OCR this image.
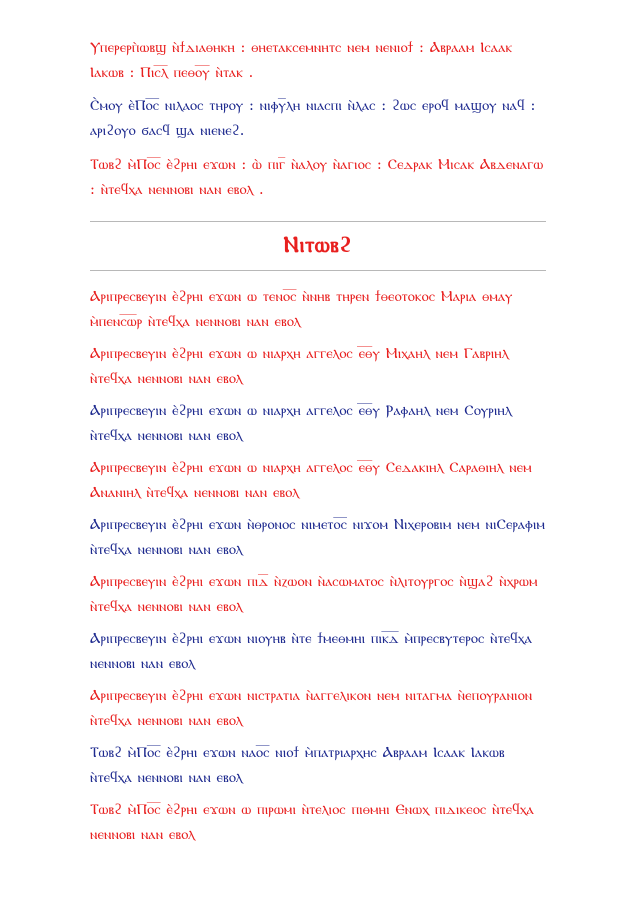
Ⲩⲡⲉⲣⲉⲣⲡ̀ⲱⲃϣ ⲛ̀ϯⲇⲓⲁⲑⲏⲕⲏ : ⲑⲏⲉⲧⲁⲕⲥⲉⲙⲛⲏⲧⲥ ⲛⲉⲙ ⲛⲉⲛⲓⲟϯ : Ⲁⲃⲣⲁⲁⲙ Ⲓⲥⲁⲁⲕ Ⲓⲁⲕⲱⲃ : Ⲡⲓⲥ̅ⲗ̅ ⲡⲉⲑⲟ̅ⲩ̅ ⲛ̀ⲧⲁⲕ .

Ⲥ̀ⲙⲟⲩ ⲉ̀Ⲡⲟ̅ⲥ̅ ⲛⲓⲗⲁⲟⲥ ⲧⲏⲣⲟⲩ : ⲛⲓⲫⲩ̅ⲗⲏ ⲛⲓⲁⲥⲡⲓ ⲛ̀ⲗⲁⲥ : ϩⲱⲥ ⲉⲣⲟϥ ⲙⲁϣⲟⲩ ⲛⲁϥ : ⲁⲣⲓϩⲟⲩⲟ ϭⲁⲥϥ ϣⲁ ⲛⲓⲉⲛⲉϩ.

Ⲧⲱⲃϩ ⲙ̀Ⲡⲟ̅ⲥ̅ ⲉ̀ϩⲣⲏⲓ ⲉϫⲱⲛ : ⲱ̀ ⲡⲓⲅ̅ ⲛ̀ⲁⲗⲟⲩ ⲛ̀ⲁⲅⲓⲟⲥ : Ⲥⲉⲇⲣⲁⲕ Ⲙⲓⲥⲁⲕ Ⲁⲃⲇⲉⲛⲁⲅⲱ : ⲛ̀ⲧⲉϥⲭⲁ ⲛⲉⲛⲛⲟⲃⲓ ⲛⲁⲛ ⲉⲃⲟⲗ .

Ⲛⲓⲧⲱⲃϩ

Ⲁⲣⲓⲡⲣⲉⲥⲃⲉⲩⲓⲛ ⲉ̀ϩⲣⲏⲓ ⲉϫⲱⲛ ⲱ ⲧⲉⲛⲟ̅ⲥ̅ ⲛ̀ⲛⲏⲃ ⲧⲏⲣⲉⲛ ϯⲑⲉⲟⲧⲟⲕⲟⲥ Ⲙⲁⲣⲓⲁ ⲑⲙⲁⲩ ⲙ̀ⲡⲉⲛⲥ̅ⲱ̅ⲣ ⲛ̀ⲧⲉϥⲭⲁ ⲛⲉⲛⲛⲟⲃⲓ ⲛⲁⲛ ⲉⲃⲟⲗ

Ⲁⲣⲓⲡⲣⲉⲥⲃⲉⲩⲓⲛ ⲉ̀ϩⲣⲏⲓ ⲉϫⲱⲛ ⲱ ⲛⲓⲁⲣⲭⲏ ⲁⲅⲅⲉⲗⲟⲥ ⲉ̅ⲑ̅ⲩ Ⲙⲓⲭⲁⲏⲗ ⲛⲉⲙ Ⲅⲁⲃⲣⲓⲏⲗ ⲛ̀ⲧⲉϥⲭⲁ ⲛⲉⲛⲛⲟⲃⲓ ⲛⲁⲛ ⲉⲃⲟⲗ

Ⲁⲣⲓⲡⲣⲉⲥⲃⲉⲩⲓⲛ ⲉ̀ϩⲣⲏⲓ ⲉϫⲱⲛ ⲱ ⲛⲓⲁⲣⲭⲏ ⲁⲅⲅⲉⲗⲟⲥ ⲉ̅ⲑ̅ⲩ Ⲣⲁⲫⲁⲏⲗ ⲛⲉⲙ Ⲥⲟⲩⲣⲓⲏⲗ ⲛ̀ⲧⲉϥⲭⲁ ⲛⲉⲛⲛⲟⲃⲓ ⲛⲁⲛ ⲉⲃⲟⲗ

Ⲁⲣⲓⲡⲣⲉⲥⲃⲉⲩⲓⲛ ⲉ̀ϩⲣⲏⲓ ⲉϫⲱⲛ ⲱ ⲛⲓⲁⲣⲭⲏ ⲁⲅⲅⲉⲗⲟⲥ ⲉ̅ⲑ̅ⲩ Ⲥⲉⲇⲁⲕⲓⲏⲗ Ⲥⲁⲣⲁⲑⲓⲏⲗ ⲛⲉⲙ Ⲁⲛⲁⲛⲓⲏⲗ ⲛ̀ⲧⲉϥⲭⲁ ⲛⲉⲛⲛⲟⲃⲓ ⲛⲁⲛ ⲉⲃⲟⲗ

Ⲁⲣⲓⲡⲣⲉⲥⲃⲉⲩⲓⲛ ⲉ̀ϩⲣⲏⲓ ⲉϫⲱⲛ ⲛ̀ⲑⲣⲟⲛⲟⲥ ⲛⲓⲙⲉⲧⲟ̅ⲥ̅ ⲛⲓϫⲟⲙ Ⲛⲓⲭⲉⲣⲟⲃⲓⲙ ⲛⲉⲙ ⲛⲓⲤⲉⲣⲁⲫⲓⲙ ⲛ̀ⲧⲉϥⲭⲁ ⲛⲉⲛⲛⲟⲃⲓ ⲛⲁⲛ ⲉⲃⲟⲗ

Ⲁⲣⲓⲡⲣⲉⲥⲃⲉⲩⲓⲛ ⲉ̀ϩⲣⲏⲓ ⲉϫⲱⲛ ⲡⲓⲇ̅ ⲛ̀ⲍⲱⲟⲛ ⲛ̀ⲁⲥⲱⲙⲁⲧⲟⲥ ⲛ̀ⲗⲓⲧⲟⲩⲣⲅⲟⲥ ⲛ̀ϣⲁϩ ⲛ̀ⲭⲣⲱⲙ ⲛ̀ⲧⲉϥⲭⲁ ⲛⲉⲛⲛⲟⲃⲓ ⲛⲁⲛ ⲉⲃⲟⲗ

Ⲁⲣⲓⲡⲣⲉⲥⲃⲉⲩⲓⲛ ⲉ̀ϩⲣⲏⲓ ⲉϫⲱⲛ ⲛⲓⲟⲩⲏⲃ ⲛ̀ⲧⲉ ϯⲙⲉⲑⲙⲏⲓ ⲡⲓⲕ̅ⲇ̅ ⲙ̀ⲡⲣⲉⲥⲃⲩⲧⲉⲣⲟⲥ ⲛ̀ⲧⲉϥⲭⲁ ⲛⲉⲛⲛⲟⲃⲓ ⲛⲁⲛ ⲉⲃⲟⲗ

Ⲁⲣⲓⲡⲣⲉⲥⲃⲉⲩⲓⲛ ⲉ̀ϩⲣⲏⲓ ⲉϫⲱⲛ ⲛⲓⲥⲧⲣⲁⲧⲓⲁ ⲛ̀ⲁⲅⲅⲉⲗⲓⲕⲟⲛ ⲛⲉⲙ ⲛⲓⲧⲁⲅⲙⲁ ⲛ̀ⲉⲡⲟⲩⲣⲁⲛⲓⲟⲛ ⲛ̀ⲧⲉϥⲭⲁ ⲛⲉⲛⲛⲟⲃⲓ ⲛⲁⲛ ⲉⲃⲟⲗ

Ⲧⲱⲃϩ ⲙ̀Ⲡⲟ̅ⲥ̅ ⲉ̀ϩⲣⲏⲓ ⲉϫⲱⲛ ⲛⲁⲟ̅ⲥ̅ ⲛⲓⲟϯ ⲙ̀ⲡⲁⲧⲣⲓⲁⲣⲭⲏⲥ Ⲁⲃⲣⲁⲁⲙ Ⲓⲥⲁⲁⲕ Ⲓⲁⲕⲱⲃ ⲛ̀ⲧⲉϥⲭⲁ ⲛⲉⲛⲛⲟⲃⲓ ⲛⲁⲛ ⲉⲃⲟⲗ

Ⲧⲱⲃϩ ⲙ̀Ⲡⲟ̅ⲥ̅ ⲉ̀ϩⲣⲏⲓ ⲉϫⲱⲛ ⲱ ⲡⲓⲣⲱⲙⲓ ⲛ̀ⲧⲉⲗⲓⲟⲥ ⲡⲓⲑⲙⲏⲓ Ⲉⲛⲱⲭ ⲡⲓⲇⲓⲕⲉⲟⲥ ⲛ̀ⲧⲉϥⲭⲁ ⲛⲉⲛⲛⲟⲃⲓ ⲛⲁⲛ ⲉⲃⲟⲗ
